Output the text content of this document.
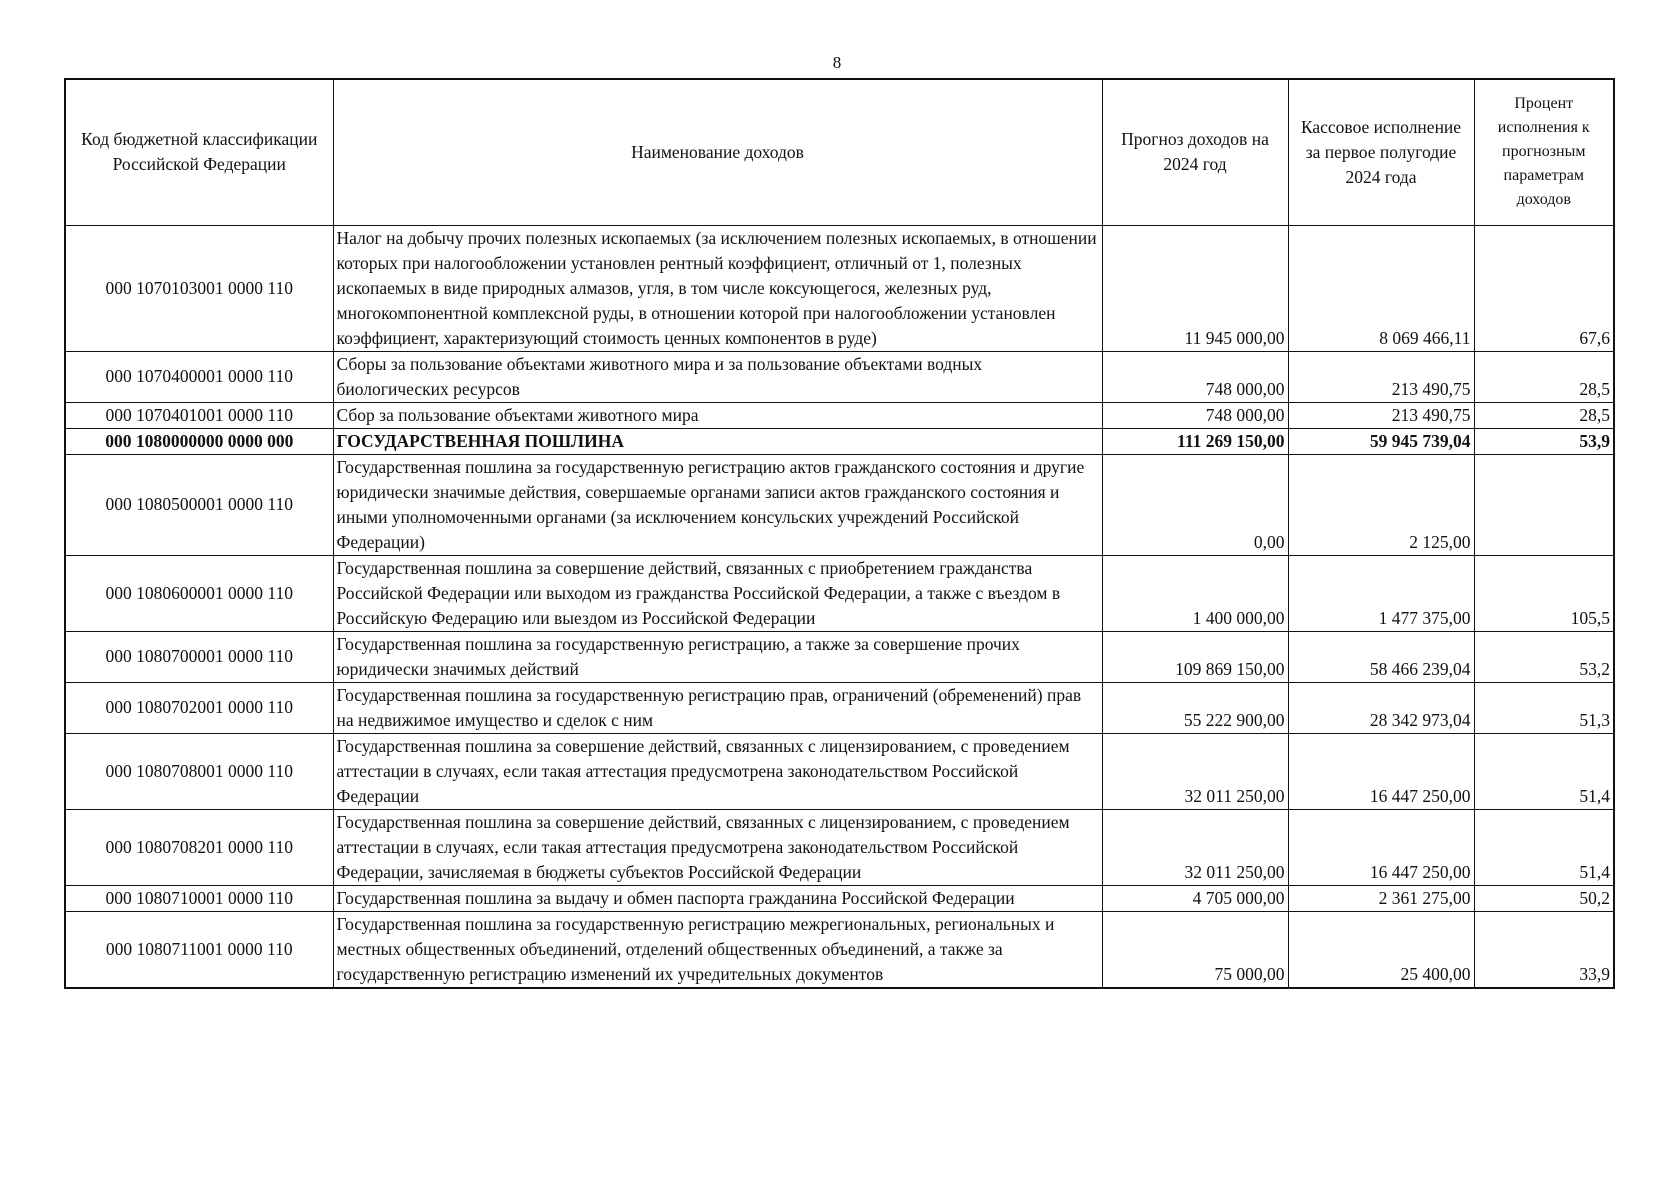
8
Код бюджетной классификации Российской Федерации	Наименование доходов	Прогноз доходов на 2024 год	Кассовое исполнение за первое полугодие 2024 года	Процент исполнения к прогнозным параметрам доходов
000 1070103001 0000 110	Налог на добычу прочих полезных ископаемых (за исключением полезных ископаемых, в отношении которых при налогообложении установлен рентный коэффициент, отличный от 1, полезных ископаемых в виде природных алмазов, угля, в том числе коксующегося, железных руд, многокомпонентной комплексной руды, в отношении которой при налогообложении установлен коэффициент, характеризующий стоимость ценных компонентов в руде)	11 945 000,00	8 069 466,11	67,6
000 1070400001 0000 110	Сборы за пользование объектами животного мира и за пользование объектами водных биологических ресурсов	748 000,00	213 490,75	28,5
000 1070401001 0000 110	Сбор за пользование объектами животного мира	748 000,00	213 490,75	28,5
000 1080000000 0000 000	ГОСУДАРСТВЕННАЯ ПОШЛИНА	111 269 150,00	59 945 739,04	53,9
000 1080500001 0000 110	Государственная пошлина за государственную регистрацию актов гражданского состояния и другие юридически значимые действия, совершаемые органами записи актов гражданского состояния и иными уполномоченными органами (за исключением консульских учреждений Российской Федерации)	0,00	2 125,00	
000 1080600001 0000 110	Государственная пошлина за совершение действий, связанных с приобретением гражданства Российской Федерации или выходом из гражданства Российской Федерации, а также с въездом в Российскую Федерацию или выездом из Российской Федерации	1 400 000,00	1 477 375,00	105,5
000 1080700001 0000 110	Государственная пошлина за государственную регистрацию, а также за совершение прочих юридически значимых действий	109 869 150,00	58 466 239,04	53,2
000 1080702001 0000 110	Государственная пошлина за государственную регистрацию прав, ограничений (обременений) прав на недвижимое имущество и сделок с ним	55 222 900,00	28 342 973,04	51,3
000 1080708001 0000 110	Государственная пошлина за совершение действий, связанных с лицензированием, с проведением аттестации в случаях, если такая аттестация предусмотрена законодательством Российской Федерации	32 011 250,00	16 447 250,00	51,4
000 1080708201 0000 110	Государственная пошлина за совершение действий, связанных с лицензированием, с проведением аттестации в случаях, если такая аттестация предусмотрена законодательством Российской Федерации, зачисляемая в бюджеты субъектов Российской Федерации	32 011 250,00	16 447 250,00	51,4
000 1080710001 0000 110	Государственная пошлина за выдачу и обмен паспорта гражданина Российской Федерации	4 705 000,00	2 361 275,00	50,2
000 1080711001 0000 110	Государственная пошлина за государственную регистрацию межрегиональных, региональных и местных общественных объединений, отделений общественных объединений, а также за государственную регистрацию изменений их учредительных документов	75 000,00	25 400,00	33,9
